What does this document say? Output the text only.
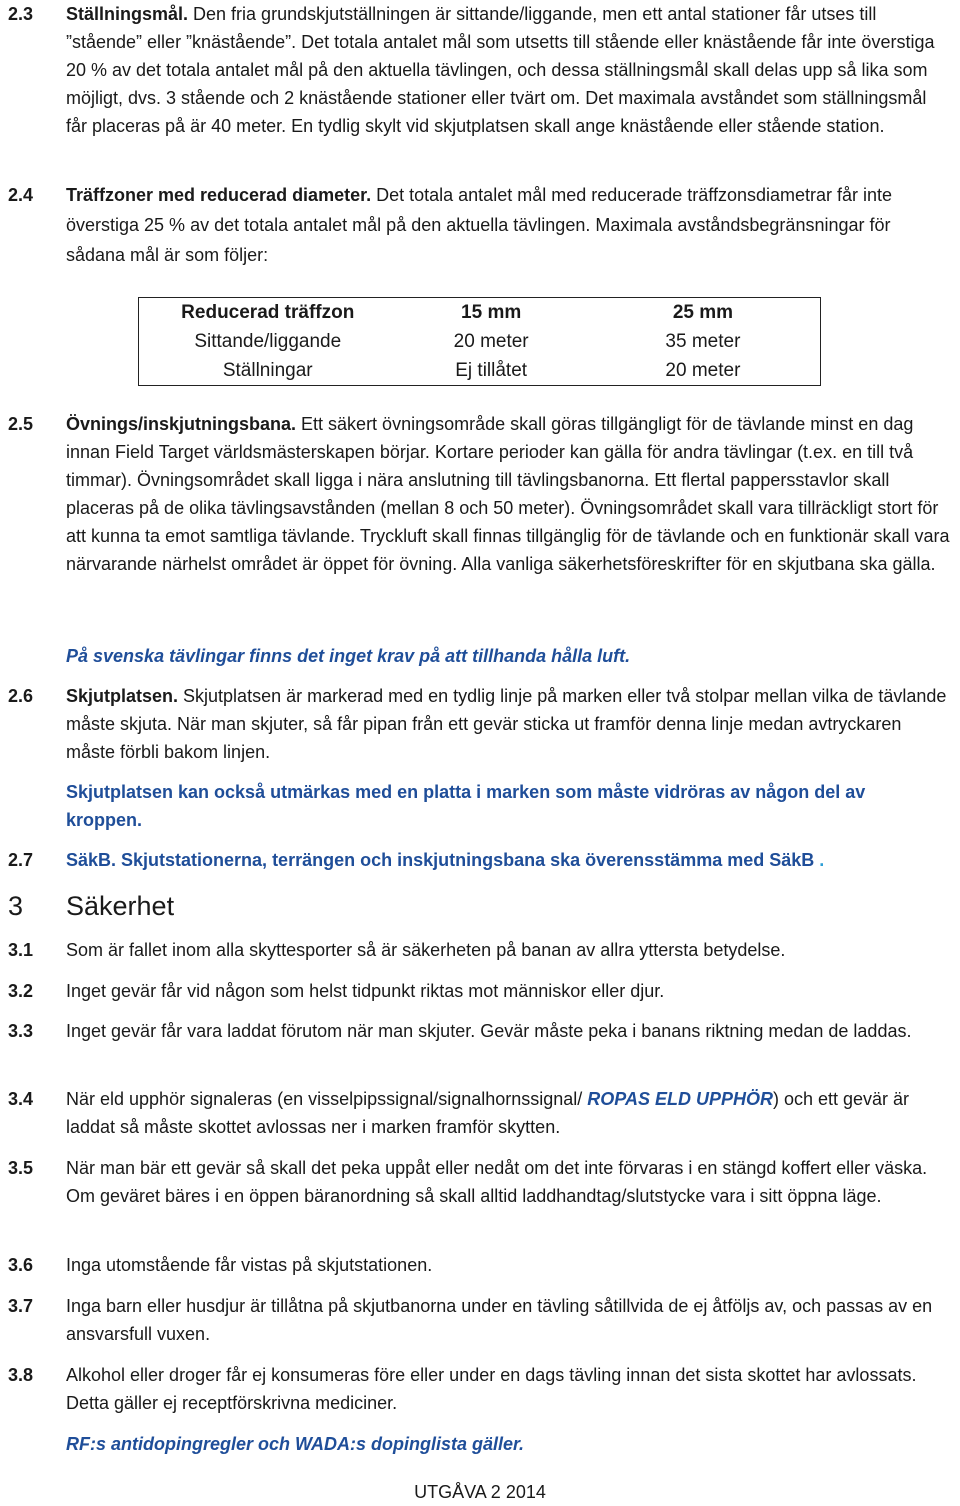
2.3	Ställningsmål. Den fria grundskjutställningen är sittande/liggande, men ett antal stationer får utses till ”stående” eller ”knästående”. Det totala antalet mål som utsetts till stående eller knästående får inte överstiga 20 % av det totala antalet mål på den aktuella tävlingen, och dessa ställningsmål skall delas upp så lika som möjligt, dvs. 3 stående och 2 knästående stationer eller tvärt om. Det maximala avståndet som ställningsmål får placeras på är 40 meter. En tydlig skylt vid skjutplatsen skall ange knästående eller stående station.
2.4	Träffzoner med reducerad diameter. Det totala antalet mål med reducerade träffzonsdiametrar får inte överstiga 25 % av det totala antalet mål på den aktuella tävlingen. Maximala avståndsbegränsningar för sådana mål är som följer:
Reducerad träffzon	15 mm	25 mm
Sittande/liggande	20 meter	35 meter
Ställningar	Ej tillåtet	20 meter
2.5	Övnings/inskjutningsbana. Ett säkert övningsområde skall göras tillgängligt för de tävlande minst en dag innan Field Target världsmästerskapen börjar. Kortare perioder kan gälla för andra tävlingar (t.ex. en till två timmar). Övningsområdet skall ligga i nära anslutning till tävlingsbanorna. Ett flertal pappersstavlor skall placeras på de olika tävlingsavstånden (mellan 8 och 50 meter). Övningsområdet skall vara tillräckligt stort för att kunna ta emot samtliga tävlande. Tryckluft skall finnas tillgänglig för de tävlande och en funktionär skall vara närvarande närhelst området är öppet för övning. Alla vanliga säkerhetsföreskrifter för en skjutbana ska gälla.
På svenska tävlingar finns det inget krav på att tillhanda hålla luft.
2.6	Skjutplatsen. Skjutplatsen är markerad med en tydlig linje på marken eller två stolpar mellan vilka de tävlande måste skjuta. När man skjuter, så får pipan från ett gevär sticka ut framför denna linje medan avtryckaren måste förbli bakom linjen.
Skjutplatsen kan också utmärkas med en platta i marken som måste vidröras av någon del av kroppen.
2.7	SäkB. Skjutstationerna, terrängen och inskjutningsbana ska överensstämma med SäkB .
3 Säkerhet
3.1	Som är fallet inom alla skyttesporter så är säkerheten på banan av allra yttersta betydelse.
3.2	Inget gevär får vid någon som helst tidpunkt riktas mot människor eller djur.
3.3	Inget gevär får vara laddat förutom när man skjuter. Gevär måste peka i banans riktning medan de laddas.
3.4	När eld upphör signaleras (en visselpipssignal/signalhornssignal/ ROPAS ELD UPPHÖR) och ett gevär är laddat så måste skottet avlossas ner i marken framför skytten.
3.5	När man bär ett gevär så skall det peka uppåt eller nedåt om det inte förvaras i en stängd koffert eller väska. Om geväret bäres i en öppen bäranordning så skall alltid laddhandtag/slutstycke vara i sitt öppna läge.
3.6	Inga utomstående får vistas på skjutstationen.
3.7	Inga barn eller husdjur är tillåtna på skjutbanorna under en tävling såtillvida de ej åtföljs av, och passas av en ansvarsfull vuxen.
3.8	Alkohol eller droger får ej konsumeras före eller under en dags tävling innan det sista skottet har avlossats. Detta gäller ej receptförskrivna mediciner.
RF:s antidopingregler och WADA:s dopinglista gäller.
UTGÅVA 2 2014
